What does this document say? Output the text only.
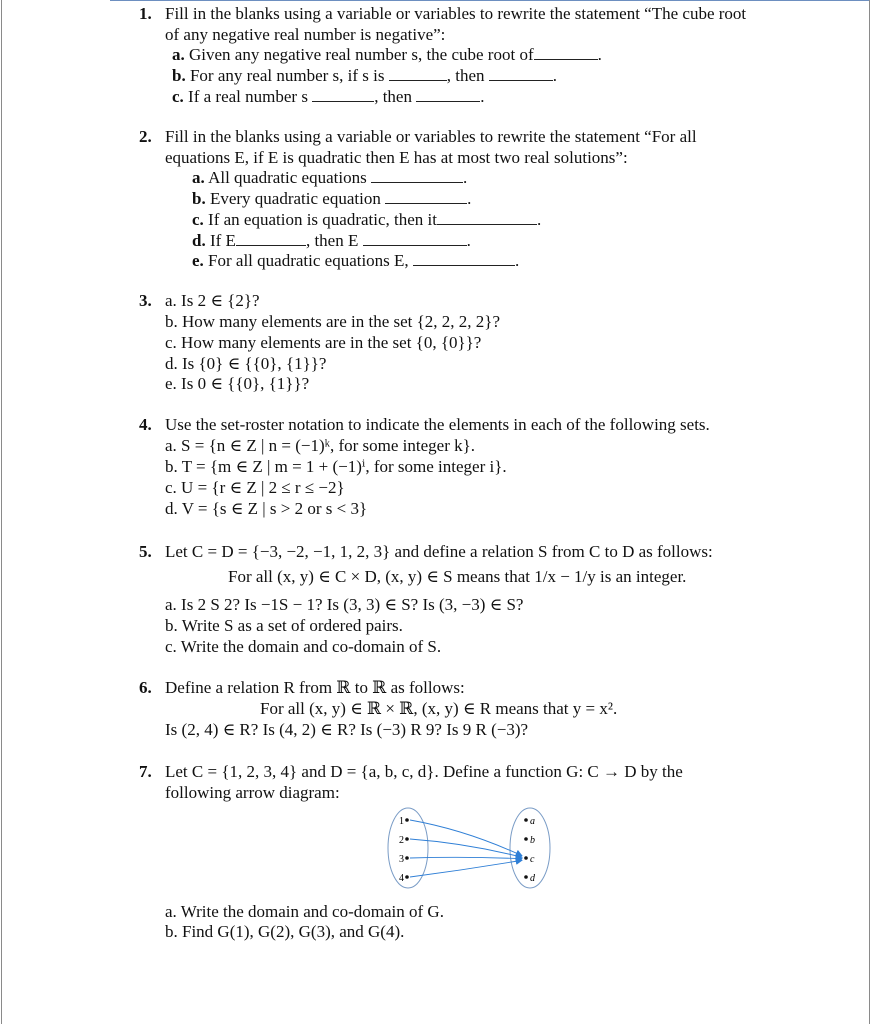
1. Fill in the blanks using a variable or variables to rewrite the statement “The cube root
of any negative real number is negative”:
a. Given any negative real number s, the cube root of	.
b. For any real number s, if s is	, then	.
c. If a real number s	, then	.
2. Fill in the blanks using a variable or variables to rewrite the statement “For all
equations E, if E is quadratic then E has at most two real solutions”:
a. All quadratic equations	.
b. Every quadratic equation	.
c. If an equation is quadratic, then it	.
d. If E	, then E	.
e. For all quadratic equations E,	.
3. a. Is 2 ∈ {2}?
b. How many elements are in the set {2, 2, 2, 2}?
c. How many elements are in the set {0, {0}}?
d. Is {0} ∈ {{0}, {1}}?
e. Is 0 ∈ {{0}, {1}}?
4. Use the set-roster notation to indicate the elements in each of the following sets.
a. S = {n ∈ Z | n = (−1)ᵏ, for some integer k}.
b. T = {m ∈ Z | m = 1 + (−1)ⁱ, for some integer i}.
c. U = {r ∈ Z | 2 ≤ r ≤ −2}
d. V = {s ∈ Z | s > 2 or s < 3}
5. Let C = D = {−3, −2, −1, 1, 2, 3} and define a relation S from C to D as follows:
For all (x, y) ∈ C × D, (x, y) ∈ S means that 1/x − 1/y is an integer.
a. Is 2 S 2? Is −1S − 1? Is (3, 3) ∈ S? Is (3, −3) ∈ S?
b. Write S as a set of ordered pairs.
c. Write the domain and co-domain of S.
6. Define a relation R from ℝ to ℝ as follows:
For all (x, y) ∈ ℝ × ℝ, (x, y) ∈ R means that y = x².
Is (2, 4) ∈ R? Is (4, 2) ∈ R? Is (−3) R 9? Is 9 R (−3)?
7. Let C = {1, 2, 3, 4} and D = {a, b, c, d}. Define a function G: C → D by the
following arrow diagram:
1
2
3
4
a
b
c
d
a. Write the domain and co-domain of G.
b. Find G(1), G(2), G(3), and G(4).
